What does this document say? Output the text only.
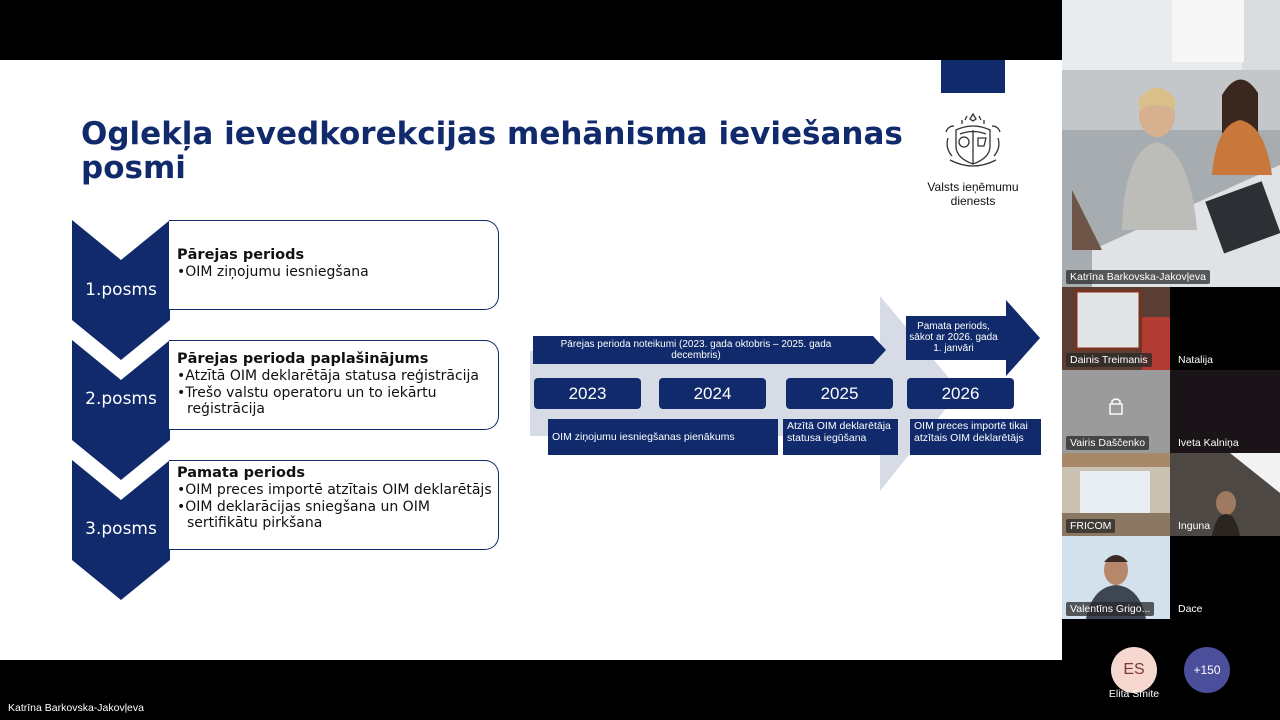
Oglekļa ievedkorekcijas mehānisma ieviešanas posmi
Valsts ieņēmumu dienests
1.posms
Pārejas periods
•OIM ziņojumu iesniegšana
2.posms
Pārejas perioda paplašinājums
•Atzītā OIM deklarētāja statusa reģistrācija
•Trešo valstu operatoru un to iekārtu reģistrācija
3.posms
Pamata periods
•OIM preces importē atzītais OIM deklarētājs
•OIM deklarācijas sniegšana un OIM sertifikātu pirkšana
Pārejas perioda noteikumi (2023. gada oktobris – 2025. gada decembris)
Pamata periods, sākot ar 2026. gada 1. janvāri
2023	2024	2025	2026
OIM ziņojumu iesniegšanas pienākums
Atzītā OIM deklarētāja statusa iegūšana
OIM preces importē tikai atzītais OIM deklarētājs
Katrīna Barkovska-Jakovļeva
Dainis Treimanis	Natalija
Vairis Daščenko	Iveta Kalniņa
FRICOM	Inguna
Valentīns Grigo...	Dace
ES
Elita Smite
+150
Katrīna Barkovska-Jakovļeva
